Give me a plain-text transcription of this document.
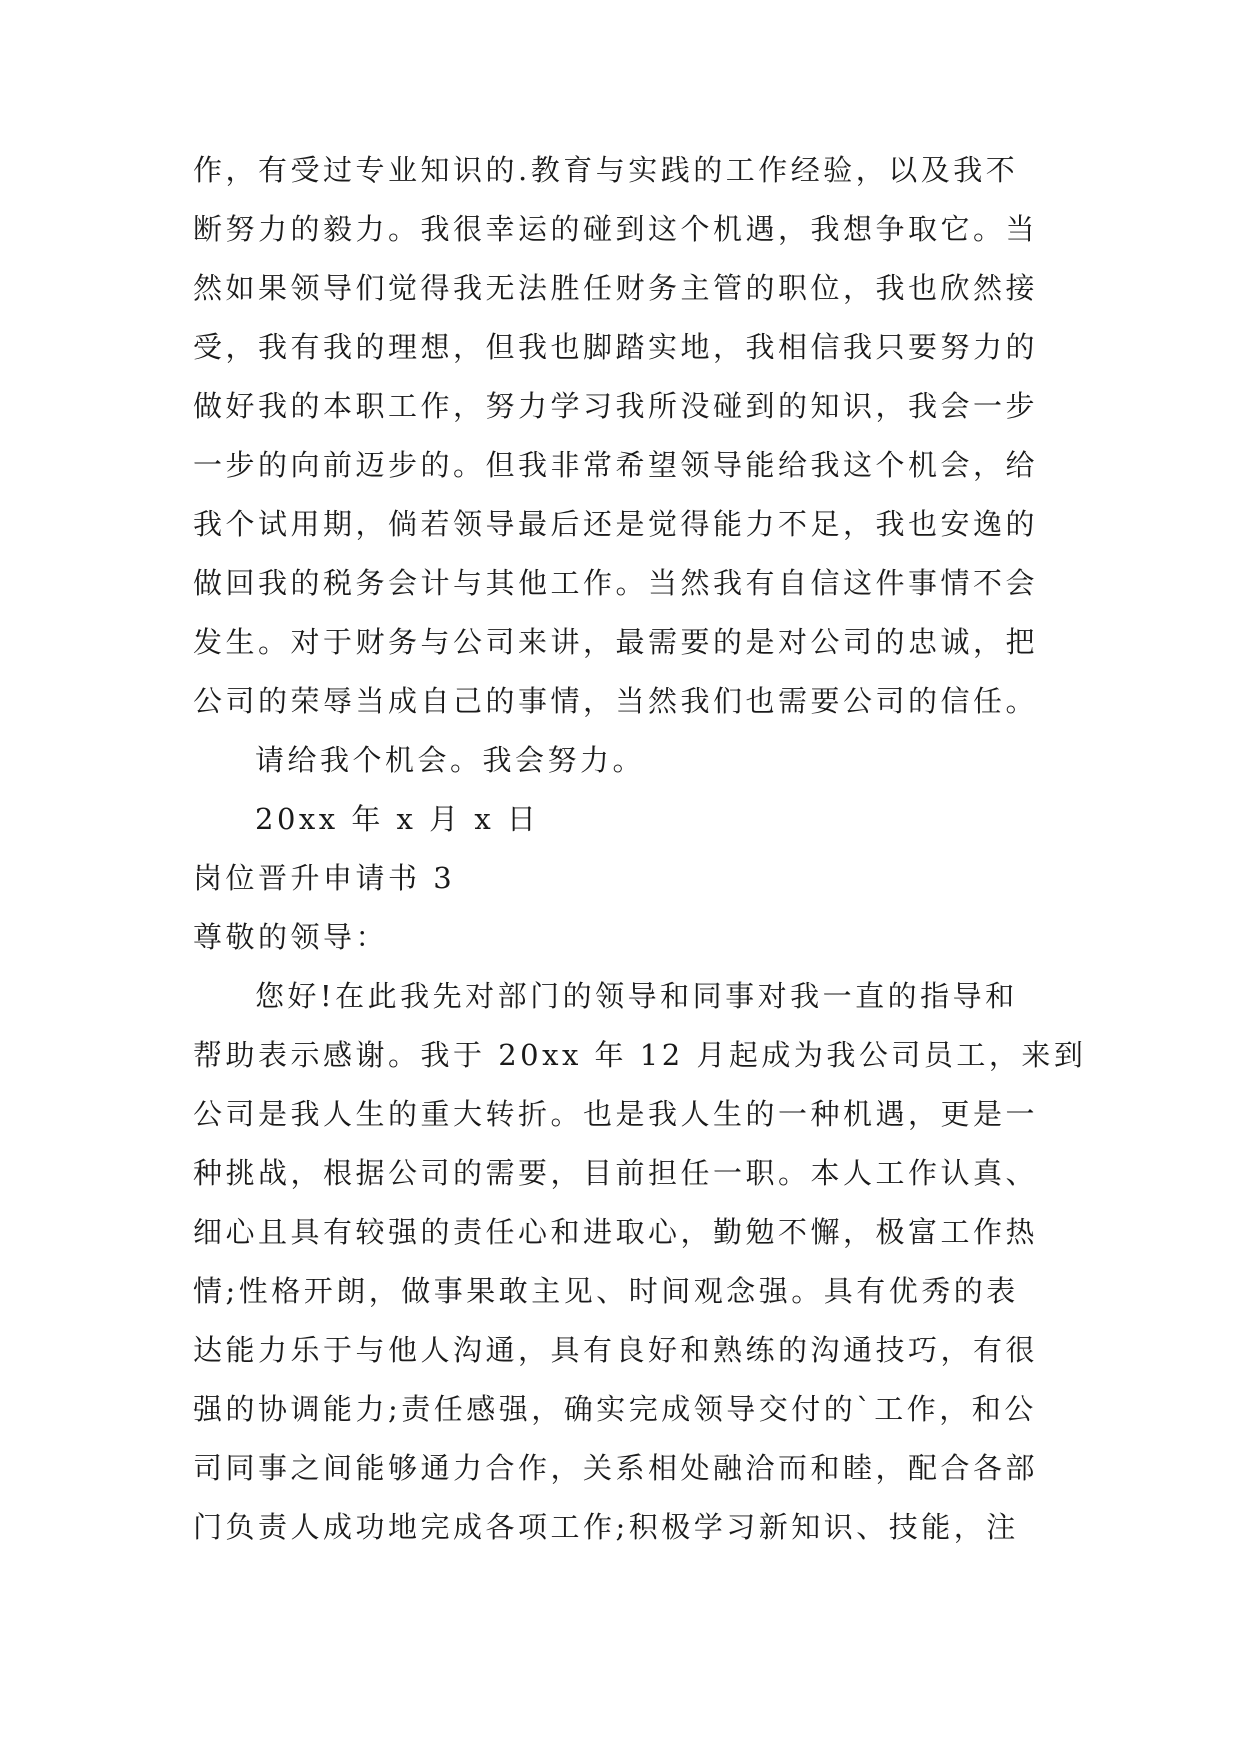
作，有受过专业知识的.教育与实践的工作经验，以及我不
断努力的毅力。我很幸运的碰到这个机遇，我想争取它。当
然如果领导们觉得我无法胜任财务主管的职位，我也欣然接
受，我有我的理想，但我也脚踏实地，我相信我只要努力的
做好我的本职工作，努力学习我所没碰到的知识，我会一步
一步的向前迈步的。但我非常希望领导能给我这个机会，给
我个试用期，倘若领导最后还是觉得能力不足，我也安逸的
做回我的税务会计与其他工作。当然我有自信这件事情不会
发生。对于财务与公司来讲，最需要的是对公司的忠诚，把
公司的荣辱当成自己的事情，当然我们也需要公司的信任。
请给我个机会。我会努力。
20xx 年 x 月 x 日
岗位晋升申请书 3
尊敬的领导：
您好!在此我先对部门的领导和同事对我一直的指导和
帮助表示感谢。我于 20xx 年 12 月起成为我公司员工，来到
公司是我人生的重大转折。也是我人生的一种机遇，更是一
种挑战，根据公司的需要，目前担任一职。本人工作认真、
细心且具有较强的责任心和进取心，勤勉不懈，极富工作热
情;性格开朗，做事果敢主见、时间观念强。具有优秀的表
达能力乐于与他人沟通，具有良好和熟练的沟通技巧，有很
强的协调能力;责任感强，确实完成领导交付的`工作，和公
司同事之间能够通力合作，关系相处融洽而和睦，配合各部
门负责人成功地完成各项工作;积极学习新知识、技能，注
